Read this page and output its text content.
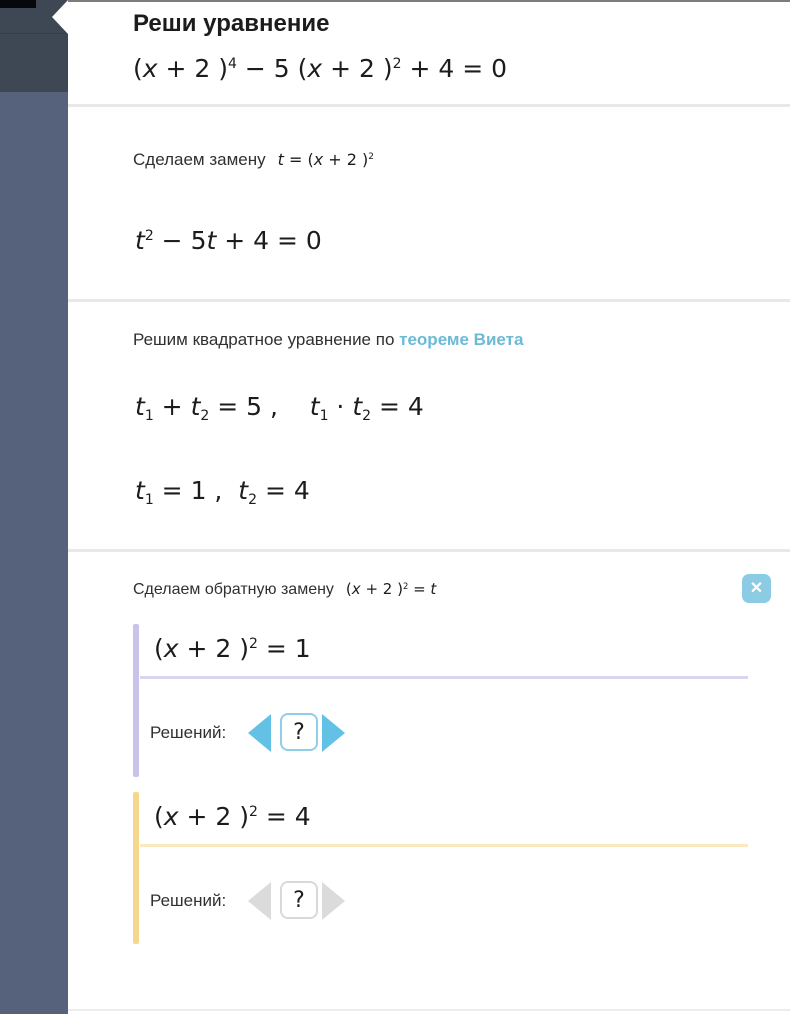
Реши уравнение
(x + 2 )$^4$ − 5 (x + 2 )$^2$ + 4 = 0
Сделаем замену t = (x + 2 )$^2$
$t^2 - 5t + 4 = 0$
Решим квадратное уравнение по теореме Виета
$t_1 + t_2 = 5$ ,    $t_1 \cdot t_2 = 4$
$t_1 = 1$ ,  $t_2 = 4$
Сделаем обратную замену (x + 2 )$^2$ = t	✕
(x + 2 )$^2$ = 1
Решений:	?
(x + 2 )$^2$ = 4
Решений:	?
